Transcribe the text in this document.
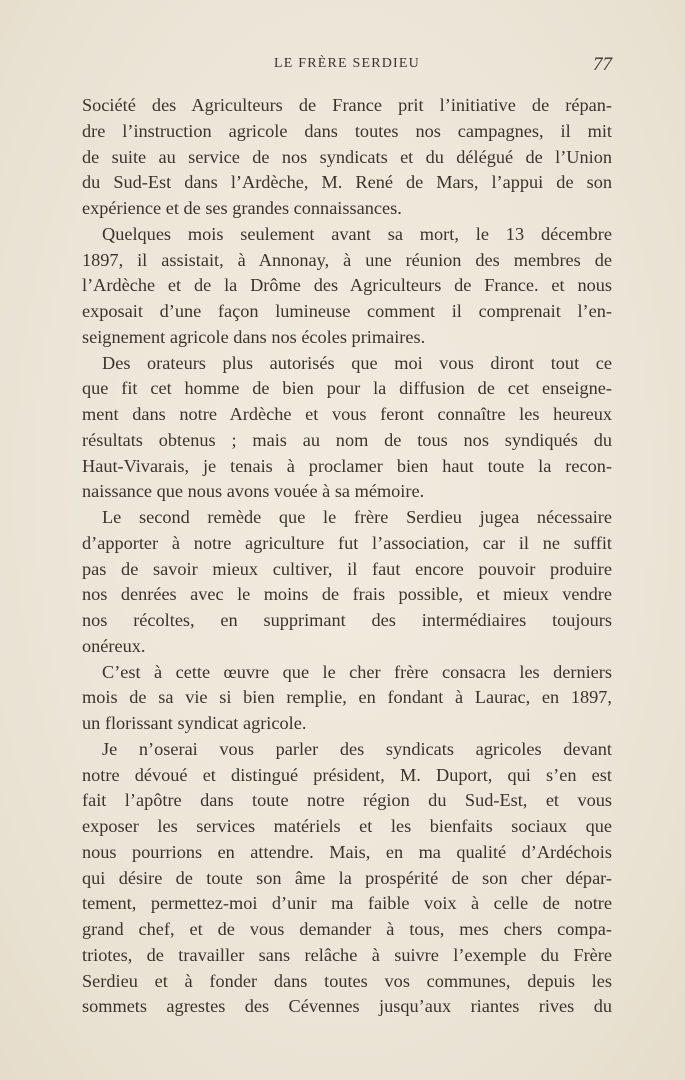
LE FRÈRE SERDIEU	77
Société des Agriculteurs de France prit l’initiative de répan-
dre l’instruction agricole dans toutes nos campagnes, il mit
de suite au service de nos syndicats et du délégué de l’Union
du Sud-Est dans l’Ardèche, M. René de Mars, l’appui de son
expérience et de ses grandes connaissances.
Quelques mois seulement avant sa mort, le 13 décembre
1897, il assistait, à Annonay, à une réunion des membres de
l’Ardèche et de la Drôme des Agriculteurs de France. et nous
exposait d’une façon lumineuse comment il comprenait l’en-
seignement agricole dans nos écoles primaires.
Des orateurs plus autorisés que moi vous diront tout ce
que fit cet homme de bien pour la diffusion de cet enseigne-
ment dans notre Ardèche et vous feront connaître les heureux
résultats obtenus ; mais au nom de tous nos syndiqués du
Haut-Vivarais, je tenais à proclamer bien haut toute la recon-
naissance que nous avons vouée à sa mémoire.
Le second remède que le frère Serdieu jugea nécessaire
d’apporter à notre agriculture fut l’association, car il ne suffit
pas de savoir mieux cultiver, il faut encore pouvoir produire
nos denrées avec le moins de frais possible, et mieux vendre
nos récoltes, en supprimant des intermédiaires toujours
onéreux.
C’est à cette œuvre que le cher frère consacra les derniers
mois de sa vie si bien remplie, en fondant à Laurac, en 1897,
un florissant syndicat agricole.
Je n’oserai vous parler des syndicats agricoles devant
notre dévoué et distingué président, M. Duport, qui s’en est
fait l’apôtre dans toute notre région du Sud-Est, et vous
exposer les services matériels et les bienfaits sociaux que
nous pourrions en attendre. Mais, en ma qualité d’Ardéchois
qui désire de toute son âme la prospérité de son cher dépar-
tement, permettez-moi d’unir ma faible voix à celle de notre
grand chef, et de vous demander à tous, mes chers compa-
triotes, de travailler sans relâche à suivre l’exemple du Frère
Serdieu et à fonder dans toutes vos communes, depuis les
sommets agrestes des Cévennes jusqu’aux riantes rives du
